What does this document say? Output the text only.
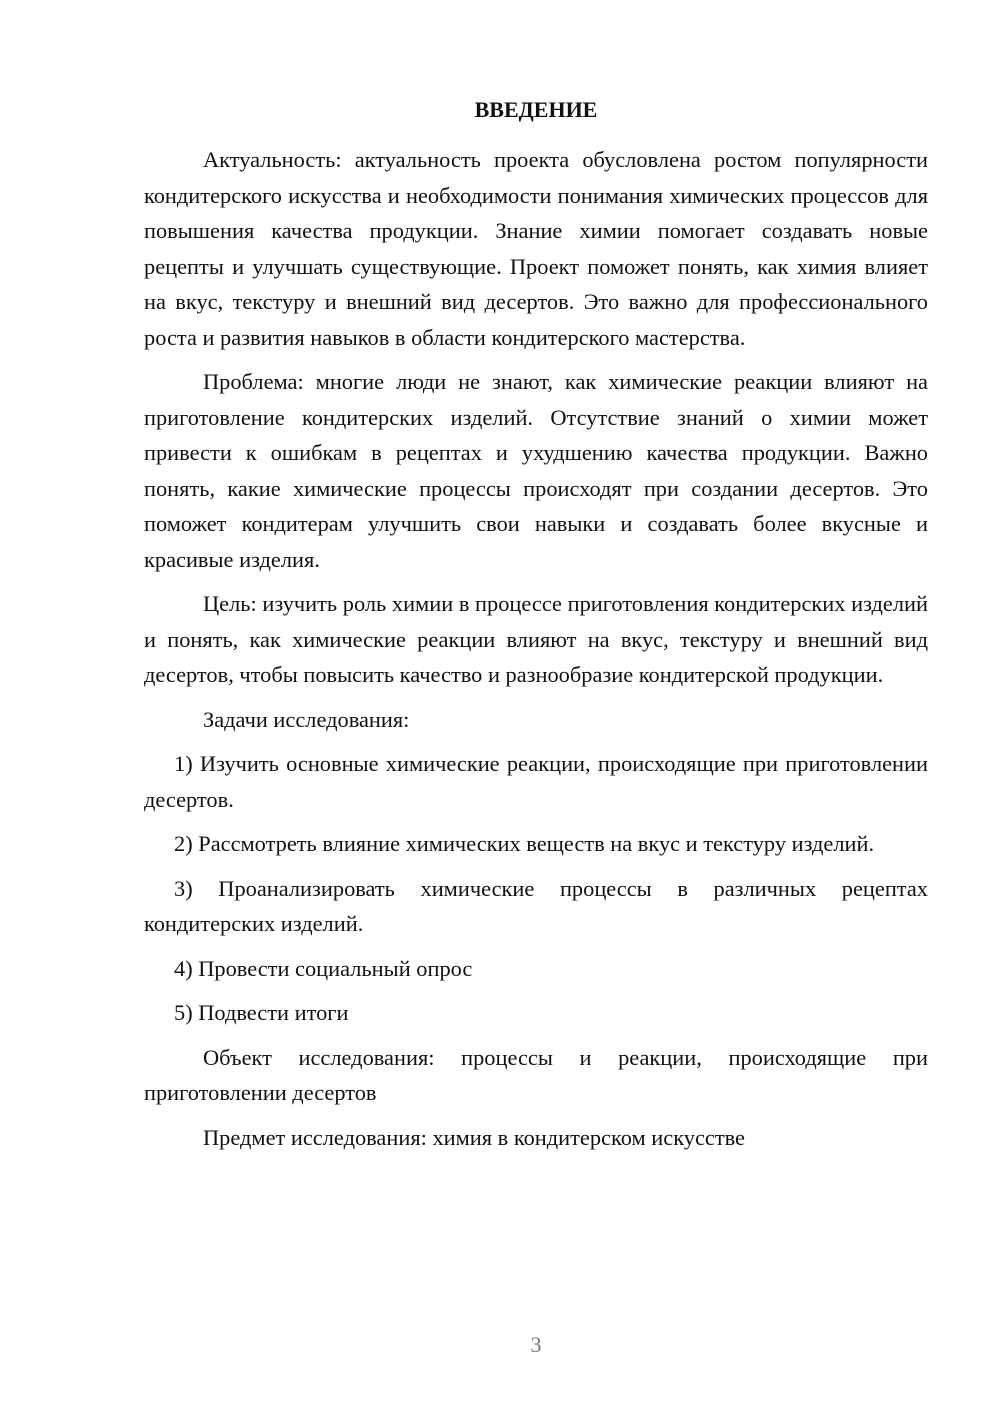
ВВЕДЕНИЕ

Актуальность: актуальность проекта обусловлена ростом популярности кондитерского искусства и необходимости понимания химических процессов для повышения качества продукции. Знание химии помогает создавать новые рецепты и улучшать существующие. Проект поможет понять, как химия влияет на вкус, текстуру и внешний вид десертов. Это важно для профессионального роста и развития навыков в области кондитерского мастерства.

Проблема: многие люди не знают, как химические реакции влияют на приготовление кондитерских изделий. Отсутствие знаний о химии может привести к ошибкам в рецептах и ухудшению качества продукции. Важно понять, какие химические процессы происходят при создании десертов. Это поможет кондитерам улучшить свои навыки и создавать более вкусные и красивые изделия.

Цель: изучить роль химии в процессе приготовления кондитерских изделий и понять, как химические реакции влияют на вкус, текстуру и внешний вид десертов, чтобы повысить качество и разнообразие кондитерской продукции.

Задачи исследования:

1) Изучить основные химические реакции, происходящие при приготовлении десертов.

2) Рассмотреть влияние химических веществ на вкус и текстуру изделий.

3) Проанализировать химические процессы в различных рецептах кондитерских изделий.

4) Провести социальный опрос

5) Подвести итоги

Объект исследования: процессы и реакции, происходящие при приготовлении десертов

Предмет исследования: химия в кондитерском искусстве

3
